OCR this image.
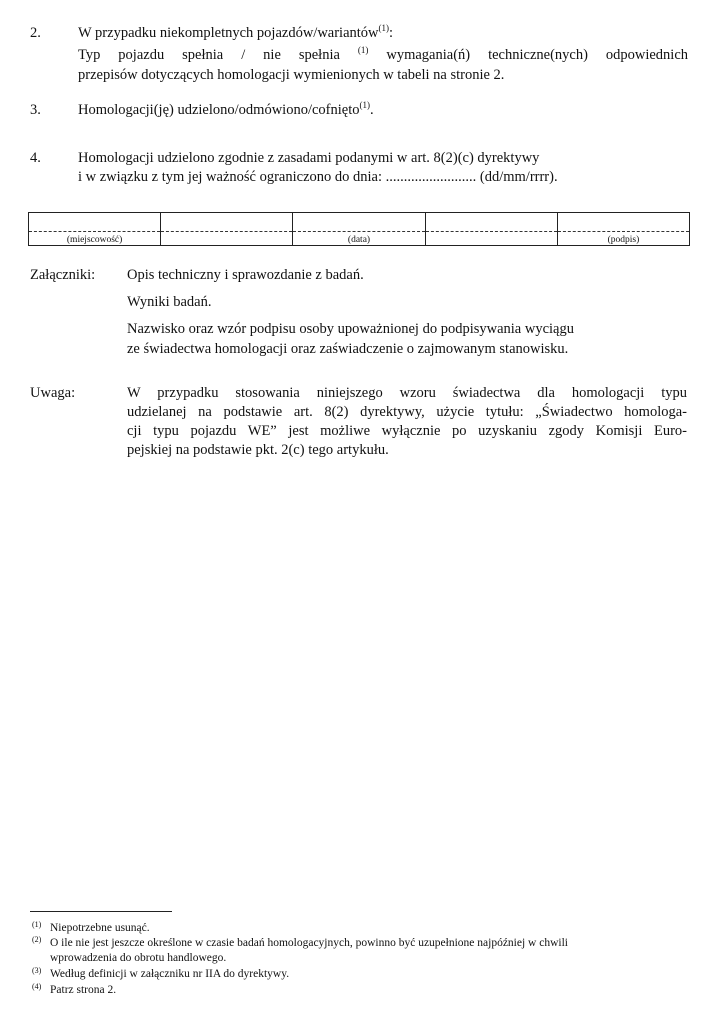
2.	W przypadku niekompletnych pojazdów/wariantów$^{(1)}$:
Typ pojazdu spełnia / nie spełnia $^{(1)}$ wymagania(ń) techniczne(nych) odpowiednich
przepisów dotyczących homologacji wymienionych w tabeli na stronie 2.
3.	Homologacji(ję) udzielono/odmówiono/cofnięto$^{(1)}$.
4.	Homologacji udzielono zgodnie z zasadami podanymi w art. 8(2)(c) dyrektywy
i w związku z tym jej ważność ograniczono do dnia: ......................... (dd/mm/rrrr).
(miejscowość)	(data)	(podpis)
Załączniki: Opis techniczny i sprawozdanie z badań.
Wyniki badań.
Nazwisko oraz wzór podpisu osoby upoważnionej do podpisywania wyciągu
ze świadectwa homologacji oraz zaświadczenie o zajmowanym stanowisku.
Uwaga:	W przypadku stosowania niniejszego wzoru świadectwa dla homologacji typu
udzielanej na podstawie art. 8(2) dyrektywy, użycie tytułu: „Świadectwo homologa-
cji typu pojazdu WE” jest możliwe wyłącznie po uzyskaniu zgody Komisji Euro-
pejskiej na podstawie pkt. 2(c) tego artykułu.
(1) Niepotrzebne usunąć.
(2) O ile nie jest jeszcze określone w czasie badań homologacyjnych, powinno być uzupełnione najpóźniej w chwili
wprowadzenia do obrotu handlowego.
(3) Według definicji w załączniku nr IIA do dyrektywy.
(4) Patrz strona 2.
